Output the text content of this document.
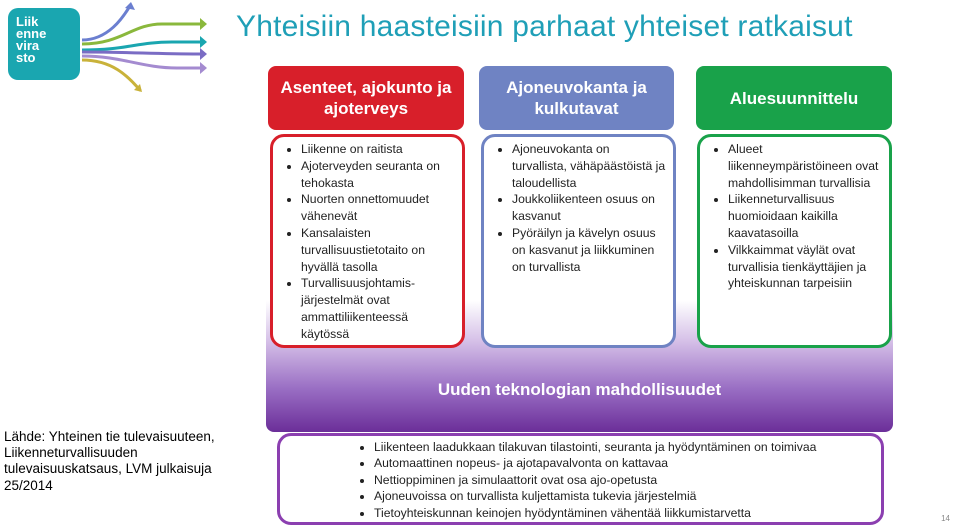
Liik
enne
vira
sto
Yhteisiin haasteisiin parhaat yhteiset ratkaisut
Asenteet, ajokunto ja ajoterveys
Ajoneuvokanta ja kulkutavat
Aluesuunnittelu
• Liikenne on raitista
• Ajoterveyden seuranta on tehokasta
• Nuorten onnettomuudet vähenevät
• Kansalaisten turvallisuustietotaito on hyvällä tasolla
• Turvallisuusjohtamis-järjestelmät ovat ammattiliikenteessä käytössä
• Ajoneuvokanta on turvallista, vähäpäästöistä ja taloudellista
• Joukkoliikenteen osuus on kasvanut
• Pyöräilyn ja kävelyn osuus on kasvanut ja liikkuminen on turvallista
• Alueet liikenneympäristöineen ovat mahdollisimman turvallisia
• Liikenneturvallisuus huomioidaan kaikilla kaavatasoilla
• Vilkkaimmat väylät ovat turvallisia tienkäyttäjien ja yhteiskunnan tarpeisiin
Uuden teknologian mahdollisuudet
• Liikenteen laadukkaan tilakuvan tilastointi, seuranta ja hyödyntäminen on toimivaa
• Automaattinen nopeus- ja ajotapavalvonta on kattavaa
• Nettioppiminen ja simulaattorit ovat osa ajo-opetusta
• Ajoneuvoissa on turvallista kuljettamista tukevia järjestelmiä
• Tietoyhteiskunnan keinojen hyödyntäminen vähentää liikkumistarvetta
Lähde: Yhteinen tie tulevaisuuteen, Liikenneturvallisuuden tulevaisuuskatsaus, LVM julkaisuja 25/2014
14
